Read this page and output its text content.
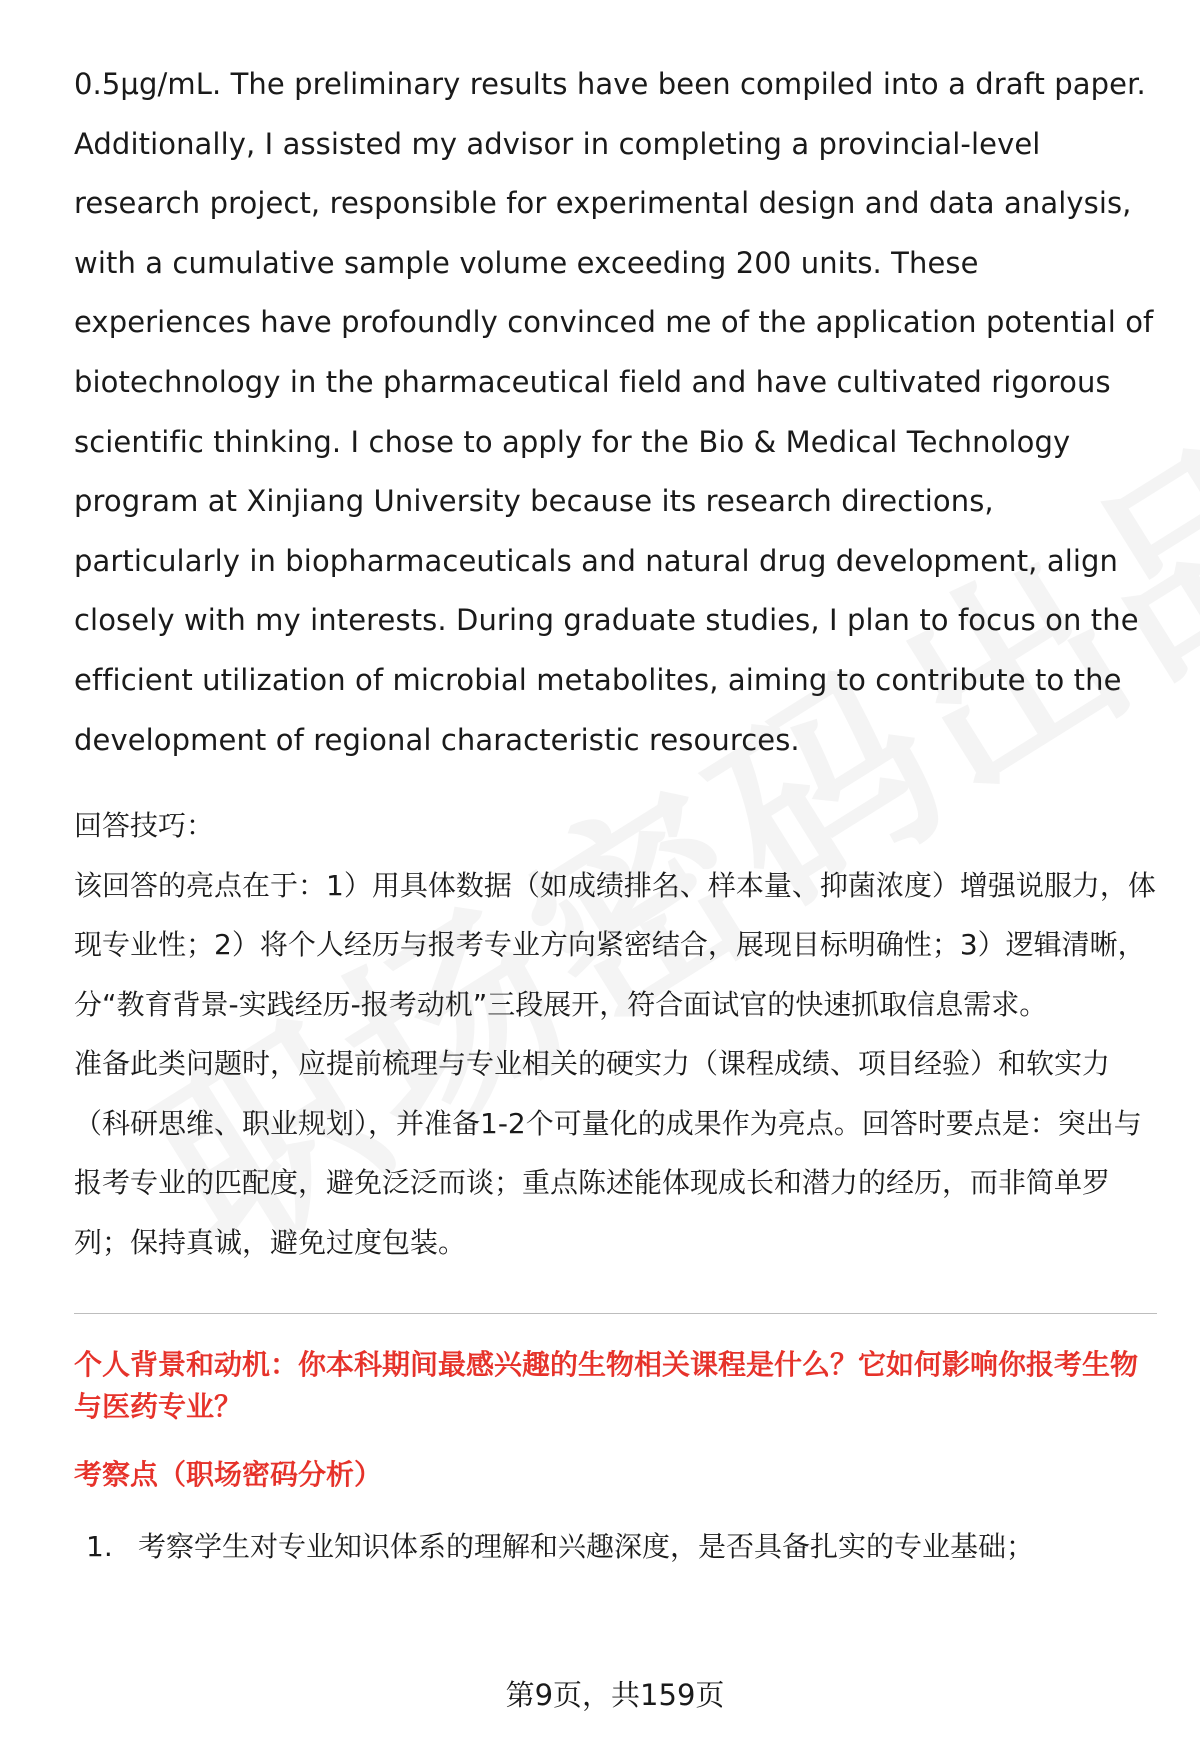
0.5μg/mL. The preliminary results have been compiled into a draft paper. Additionally, I assisted my advisor in completing a provincial-level research project, responsible for experimental design and data analysis, with a cumulative sample volume exceeding 200 units. These experiences have profoundly convinced me of the application potential of biotechnology in the pharmaceutical field and have cultivated rigorous scientific thinking. I chose to apply for the Bio & Medical Technology program at Xinjiang University because its research directions, particularly in biopharmaceuticals and natural drug development, align closely with my interests. During graduate studies, I plan to focus on the efficient utilization of microbial metabolites, aiming to contribute to the development of regional characteristic resources.

回答技巧：

该回答的亮点在于：1）用具体数据（如成绩排名、样本量、抑菌浓度）增强说服力，体现专业性；2）将个人经历与报考专业方向紧密结合，展现目标明确性；3）逻辑清晰，分“教育背景-实践经历-报考动机”三段展开，符合面试官的快速抓取信息需求。

准备此类问题时，应提前梳理与专业相关的硬实力（课程成绩、项目经验）和软实力（科研思维、职业规划），并准备1-2个可量化的成果作为亮点。回答时要点是：突出与报考专业的匹配度，避免泛泛而谈；重点陈述能体现成长和潜力的经历，而非简单罗列；保持真诚，避免过度包装。

个人背景和动机：你本科期间最感兴趣的生物相关课程是什么？它如何影响你报考生物与医药专业？
考察点（职场密码分析）
1. 考察学生对专业知识体系的理解和兴趣深度，是否具备扎实的专业基础；
第9页，共159页
